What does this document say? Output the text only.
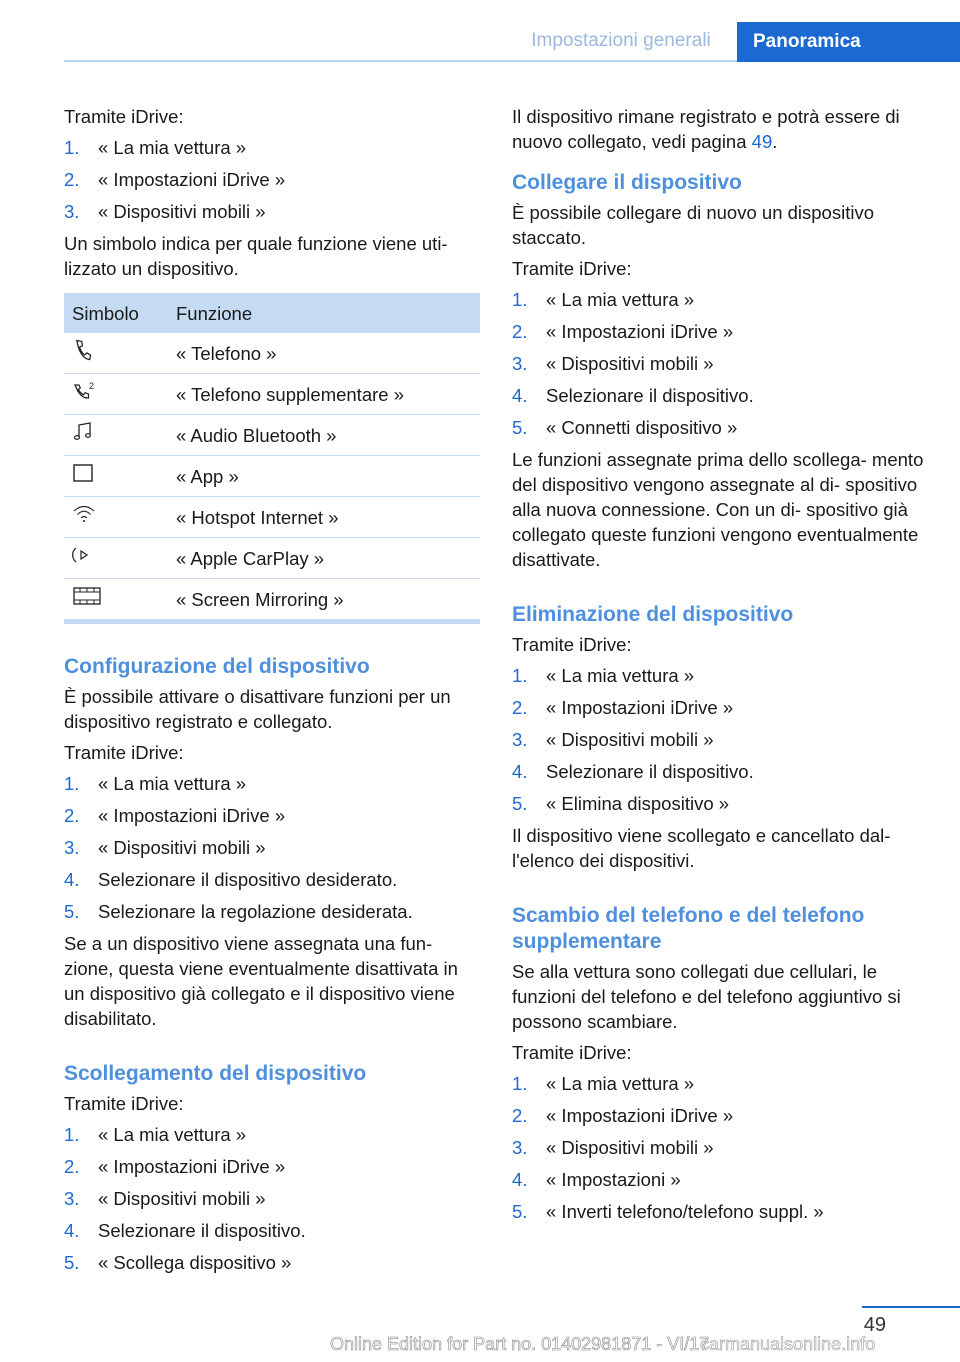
Impostazioni generali	Panoramica

Tramite iDrive:

1.	« La mia vettura »
2.	« Impostazioni iDrive »
3.	« Dispositivi mobili »

Un simbolo indica per quale funzione viene uti‐ lizzato un dispositivo.

Simbolo	Funzione
	« Telefono »

2	« Telefono supplementare »
	« Audio Bluetooth »
	« App »
	« Hotspot Internet »
	« Apple CarPlay »
	« Screen Mirroring »
Configurazione del dispositivo

È possibile attivare o disattivare funzioni per un dispositivo registrato e collegato.

Tramite iDrive:

1.	« La mia vettura »
2.	« Impostazioni iDrive »
3.	« Dispositivi mobili »
4.	Selezionare il dispositivo desiderato.
5.	Selezionare la regolazione desiderata.

Se a un dispositivo viene assegnata una fun‐ zione, questa viene eventualmente disattivata in un dispositivo già collegato e il dispositivo viene disabilitato.

Scollegamento del dispositivo

Tramite iDrive:

1.	« La mia vettura »
2.	« Impostazioni iDrive »
3.	« Dispositivi mobili »
4.	Selezionare il dispositivo.
5.	« Scollega dispositivo »

Il dispositivo rimane registrato e potrà essere di nuovo collegato, vedi pagina 49.

Collegare il dispositivo

È possibile collegare di nuovo un dispositivo staccato.

Tramite iDrive:

1.	« La mia vettura »
2.	« Impostazioni iDrive »
3.	« Dispositivi mobili »
4.	Selezionare il dispositivo.
5.	« Connetti dispositivo »

Le funzioni assegnate prima dello scollega‐ mento del dispositivo vengono assegnate al di‐ spositivo alla nuova connessione. Con un di‐ spositivo già collegato queste funzioni vengono eventualmente disattivate.

Eliminazione del dispositivo

Tramite iDrive:

1.	« La mia vettura »
2.	« Impostazioni iDrive »
3.	« Dispositivi mobili »
4.	Selezionare il dispositivo.
5.	« Elimina dispositivo »

Il dispositivo viene scollegato e cancellato dal‐ l'elenco dei dispositivi.

Scambio del telefono e del telefono supplementare

Se alla vettura sono collegati due cellulari, le funzioni del telefono e del telefono aggiuntivo si possono scambiare.

Tramite iDrive:

1.	« La mia vettura »
2.	« Impostazioni iDrive »
3.	« Dispositivi mobili »
4.	« Impostazioni »
5.	« Inverti telefono/telefono suppl. »
49
Online Edition for Part no. 01402981871 - VI/17
carmanualsonline.info
